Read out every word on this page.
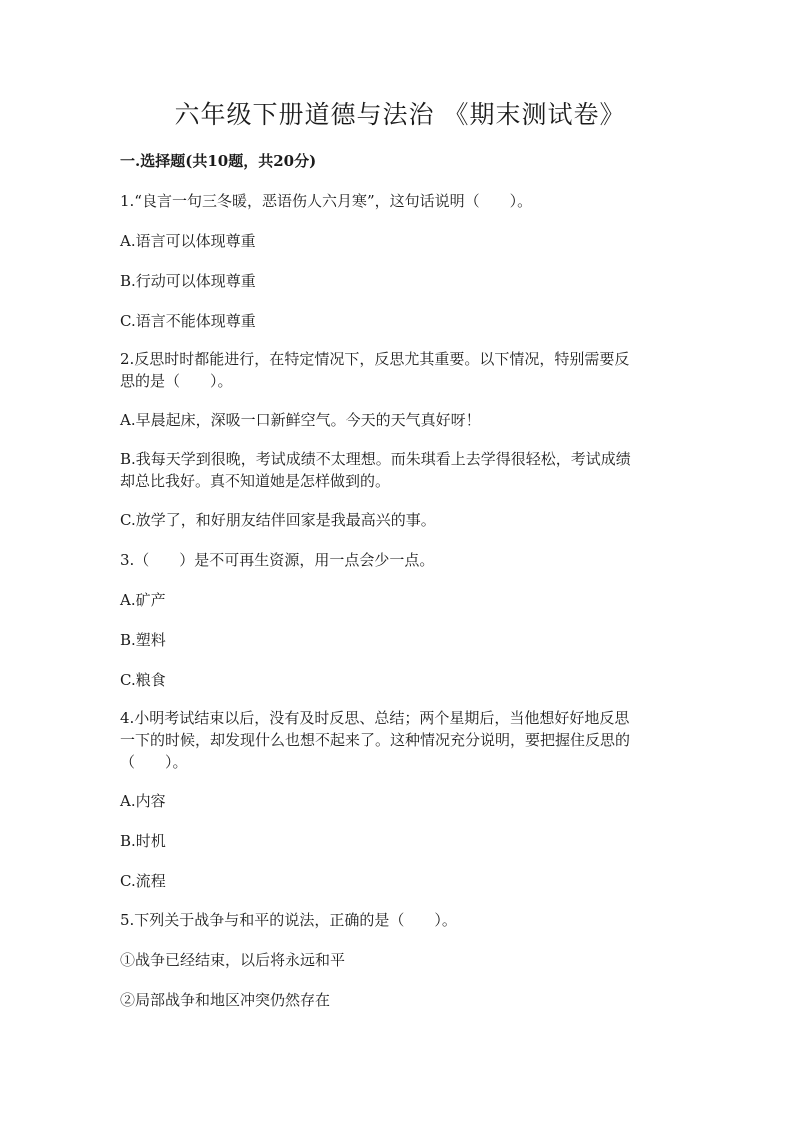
六年级下册道德与法治 《期末测试卷》
一.选择题(共10题，共20分)
1.“良言一句三冬暖，恶语伤人六月寒”，这句话说明（　　）。
A.语言可以体现尊重
B.行动可以体现尊重
C.语言不能体现尊重
2.反思时时都能进行，在特定情况下，反思尤其重要。以下情况，特别需要反
思的是（　　）。
A.早晨起床，深吸一口新鲜空气。今天的天气真好呀！
B.我每天学到很晚，考试成绩不太理想。而朱琪看上去学得很轻松，考试成绩
却总比我好。真不知道她是怎样做到的。
C.放学了，和好朋友结伴回家是我最高兴的事。
3.（　　）是不可再生资源，用一点会少一点。
A.矿产
B.塑料
C.粮食
4.小明考试结束以后，没有及时反思、总结；两个星期后，当他想好好地反思
一下的时候，却发现什么也想不起来了。这种情况充分说明，要把握住反思的
（　　）。
A.内容
B.时机
C.流程
5.下列关于战争与和平的说法，正确的是（　　）。
①战争已经结束，以后将永远和平
②局部战争和地区冲突仍然存在
